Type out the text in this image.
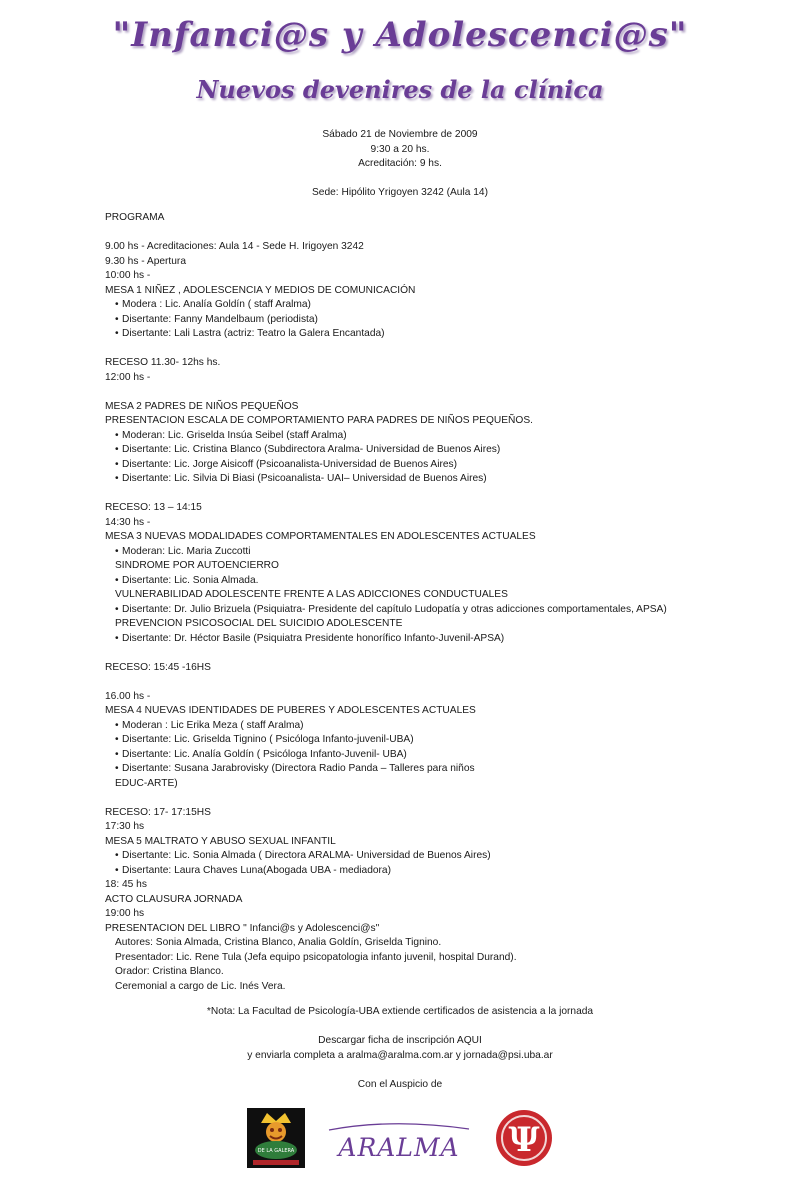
"Infanci@s y Adolescenci@s"
Nuevos devenires de la clínica
Sábado 21 de Noviembre de 2009
9:30 a 20 hs.
Acreditación: 9 hs.
Sede: Hipólito Yrigoyen 3242 (Aula 14)
PROGRAMA
9.00 hs - Acreditaciones: Aula 14 - Sede H. Irigoyen 3242
9.30 hs - Apertura
10:00 hs -
MESA 1 NIÑEZ , ADOLESCENCIA Y MEDIOS DE COMUNICACIÓN
• Modera : Lic. Analía Goldín ( staff Aralma)
• Disertante: Fanny Mandelbaum (periodista)
• Disertante: Lali Lastra (actriz: Teatro la Galera Encantada)
RECESO 11.30- 12hs hs.
12:00 hs -
MESA 2 PADRES DE NIÑOS PEQUEÑOS
PRESENTACION ESCALA DE COMPORTAMIENTO PARA PADRES DE NIÑOS PEQUEÑOS.
• Moderan: Lic. Griselda Insúa Seibel (staff Aralma)
• Disertante: Lic. Cristina Blanco (Subdirectora Aralma- Universidad de Buenos Aires)
• Disertante: Lic. Jorge Aisicoff (Psicoanalista-Universidad de Buenos Aires)
• Disertante: Lic. Silvia Di Biasi (Psicoanalista- UAI– Universidad de Buenos Aires)
RECESO: 13 – 14:15
14:30 hs -
MESA 3 NUEVAS MODALIDADES COMPORTAMENTALES EN ADOLESCENTES ACTUALES
• Moderan: Lic. Maria Zuccotti
SINDROME POR AUTOENCIERRO
• Disertante: Lic. Sonia Almada.
VULNERABILIDAD ADOLESCENTE FRENTE A LAS ADICCIONES CONDUCTUALES
• Disertante: Dr. Julio Brizuela (Psiquiatra- Presidente del capítulo Ludopatía y otras adicciones comportamentales, APSA)
PREVENCION PSICOSOCIAL DEL SUICIDIO ADOLESCENTE
• Disertante: Dr. Héctor Basile (Psiquiatra Presidente honorífico Infanto-Juvenil-APSA)
RECESO: 15:45 -16HS
16.00 hs -
MESA 4 NUEVAS IDENTIDADES DE PUBERES Y ADOLESCENTES ACTUALES
• Moderan : Lic Erika Meza ( staff Aralma)
• Disertante: Lic. Griselda Tignino ( Psicóloga Infanto-juvenil-UBA)
• Disertante: Lic. Analía Goldín ( Psicóloga Infanto-Juvenil- UBA)
• Disertante: Susana Jarabrovisky (Directora Radio Panda – Talleres para niños
EDUC-ARTE)
RECESO: 17- 17:15HS
17:30 hs
MESA 5 MALTRATO Y ABUSO SEXUAL INFANTIL
• Disertante: Lic. Sonia Almada ( Directora ARALMA- Universidad de Buenos Aires)
• Disertante: Laura Chaves Luna(Abogada UBA - mediadora)
18: 45 hs
ACTO CLAUSURA JORNADA
19:00 hs
PRESENTACION DEL LIBRO " Infanci@s y Adolescenci@s"
Autores: Sonia Almada, Cristina Blanco, Analia Goldín, Griselda Tignino.
Presentador: Lic. Rene Tula (Jefa equipo psicopatologia infanto juvenil, hospital Durand).
Orador: Cristina Blanco.
Ceremonial a cargo de Lic. Inés Vera.
*Nota: La Facultad de Psicología-UBA extiende certificados de asistencia a la jornada
Descargar ficha de inscripción AQUI
y enviarla completa a aralma@aralma.com.ar y jornada@psi.uba.ar
Con el Auspicio de
DE LA GALERA ARALMA Ψ
